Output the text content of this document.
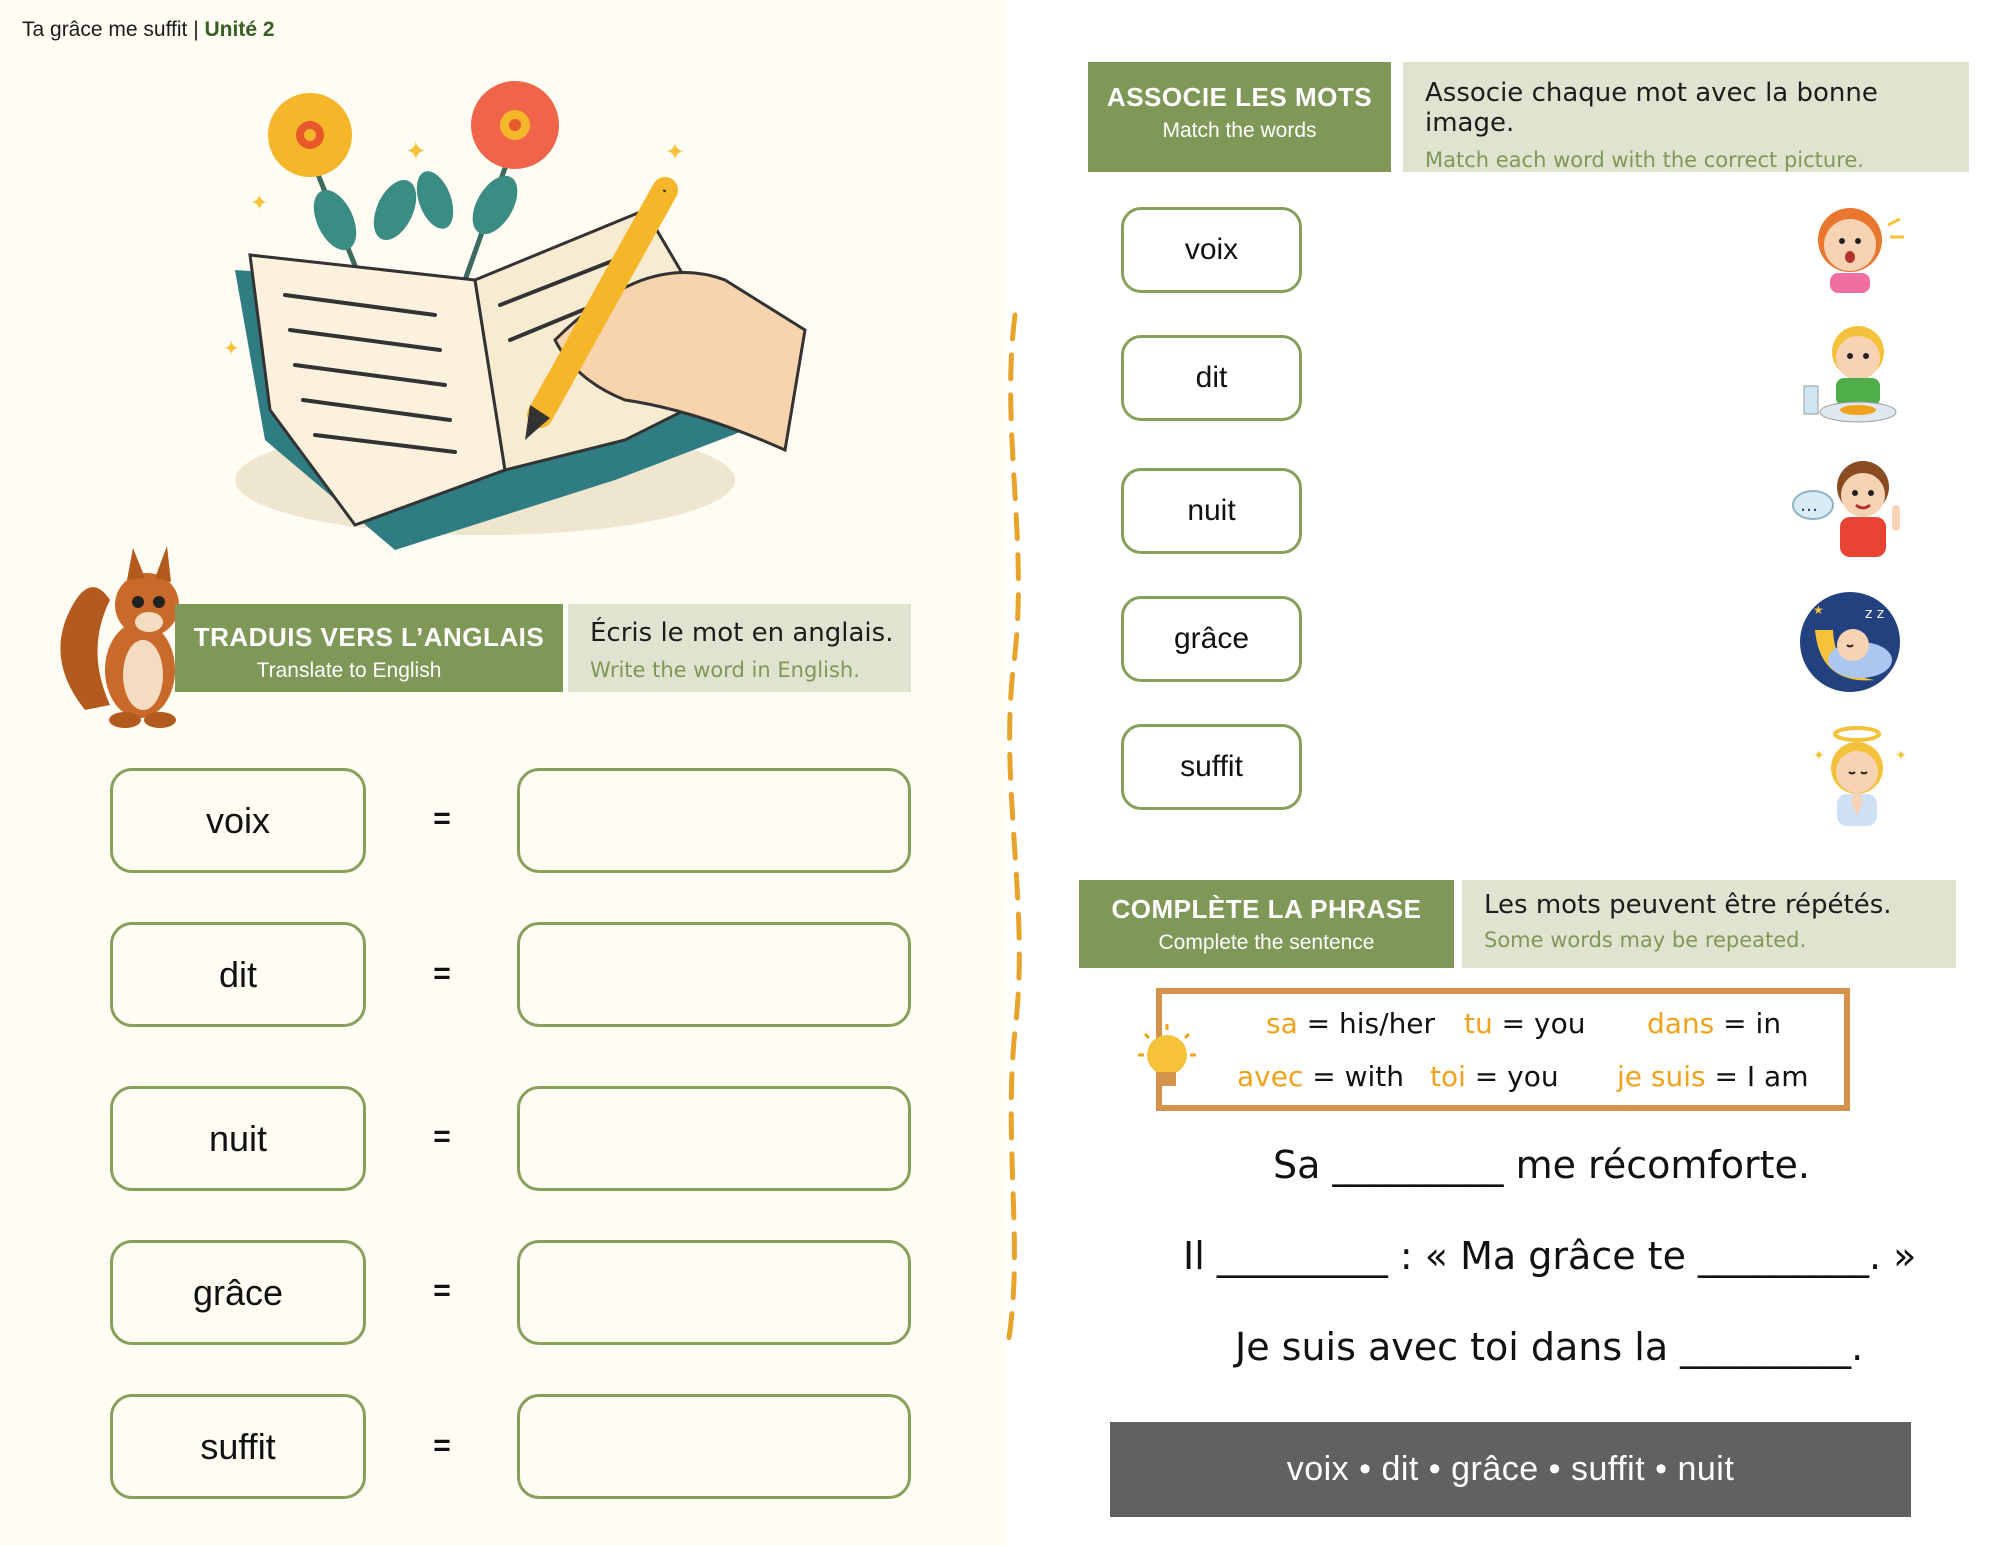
Ta grâce me suffit | Unité 2
✦	✦
✦
✦
TRADUIS VERS L’ANGLAIS
Translate to English
Écris le mot en anglais.
Write the word in English.
voix	=
dit	=
nuit	=
grâce	=
suffit	=
ASSOCIE LES MOTS
Match the words
Associe chaque mot avec la bonne image.
Match each word with the correct picture.
voix
dit
nuit
grâce
suffit
…
z z
★
✦	✦
COMPLÈTE LA PHRASE
Complete the sentence
Les mots peuvent être répétés.
Some words may be repeated.
sa = his/her tu = you dans = in
avec = with toi = you je suis = I am
Sa _________ me récomforte.
Il _________ : « Ma grâce te _________. »
Je suis avec toi dans la _________.
voix • dit • grâce • suffit • nuit
